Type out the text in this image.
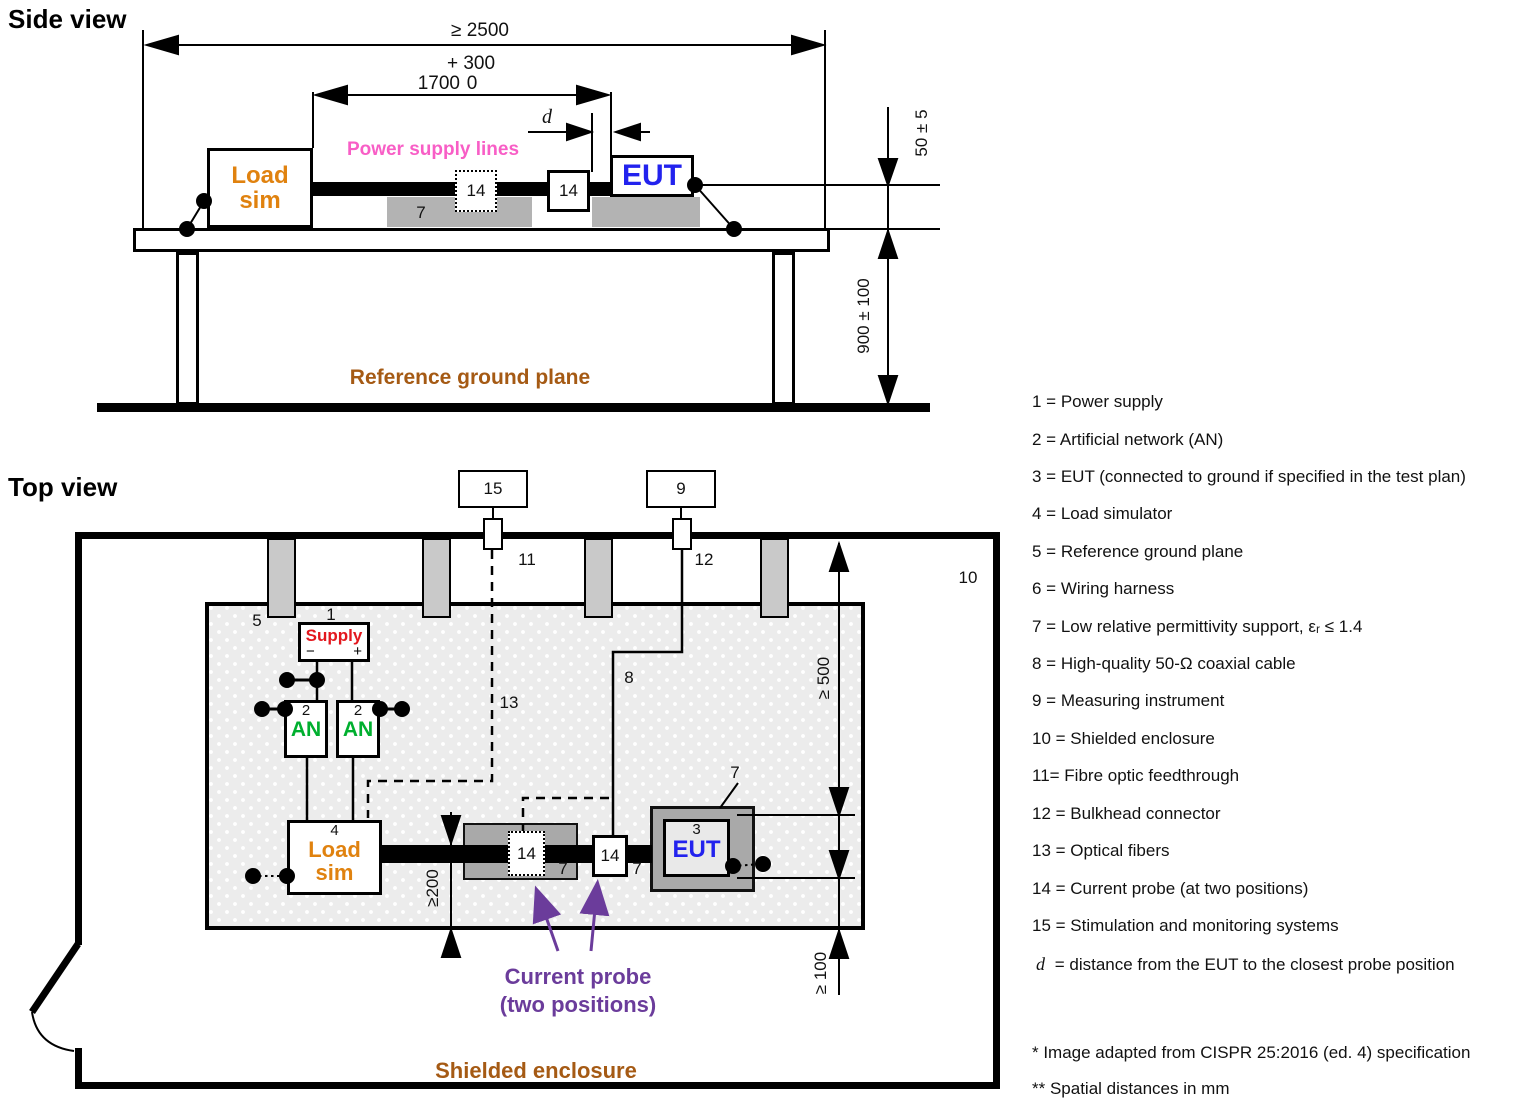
Load sim
EUT
14	14
15	9
Supply
−	+
2
AN
2
AN
4
Load sim
14	14
3
EUT
Side view	≥ 2500
+ 300
1700 0
d
Power supply lines
7
50 ± 5
900 ± 100
Reference ground plane
Top view
11	12
10
5	1
13
8
7	7
7
≥ 500
≥200
≥ 100
Current probe
(two positions)
Shielded enclosure
1 = Power supply
2 = Artificial network (AN)
3 = EUT (connected to ground if specified in the test plan)
4 = Load simulator
5 = Reference ground plane
6 = Wiring harness
7 = Low relative permittivity support, εᵣ ≤ 1.4
8 = High-quality 50-Ω coaxial cable
9 = Measuring instrument
10 = Shielded enclosure
11= Fibre optic feedthrough
12 = Bulkhead connector
13 = Optical fibers
14 = Current probe (at two positions)
15 = Stimulation and monitoring systems
d = distance from the EUT to the closest probe position
* Image adapted from CISPR 25:2016 (ed. 4) specification
** Spatial distances in mm
